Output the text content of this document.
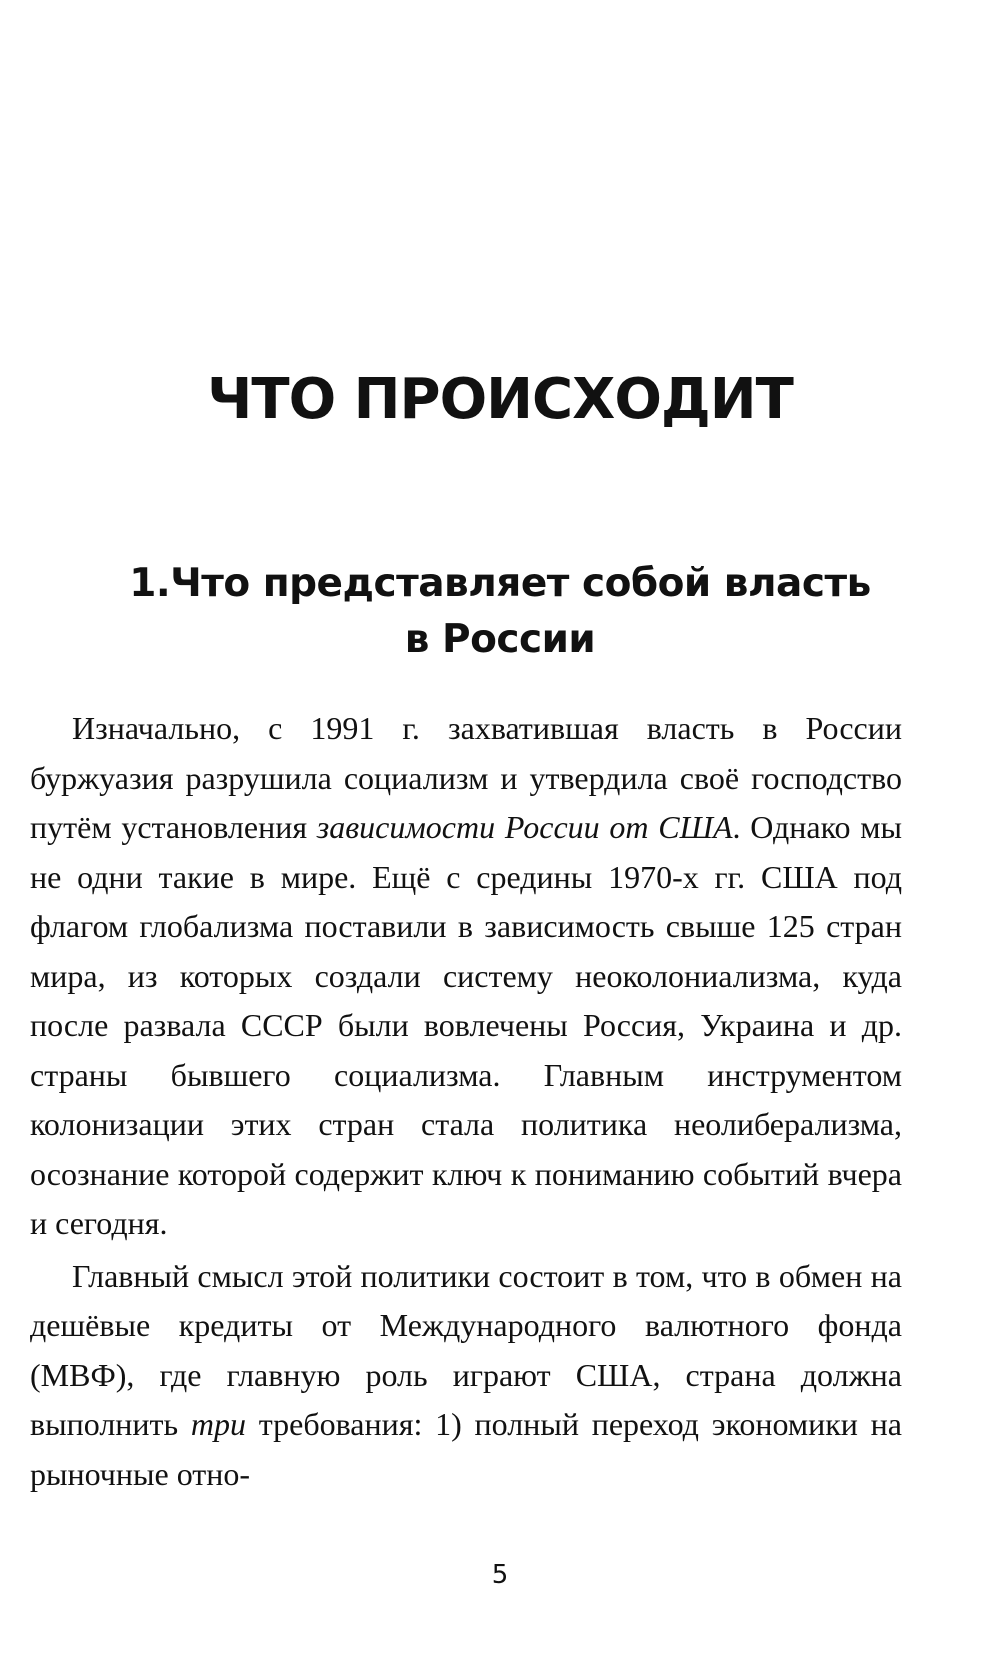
ЧТО ПРОИСХОДИТ
1.Что представляет собой власть
в России

Изначально, с 1991 г. захватившая власть в России буржуазия разрушила социализм и утвердила своё господство путём установления зависимости России от США. Однако мы не одни такие в мире. Ещё с средины 1970-х гг. США под флагом глобализма поставили в зависимость свыше 125 стран мира, из которых создали систему неоколониализма, куда после развала СССР были вовлечены Россия, Украина и др. страны бывшего социализма. Главным инструментом колонизации этих стран стала политика неолиберализма, осознание которой содержит ключ к пониманию событий вчера и сегодня.

Главный смысл этой политики состоит в том, что в обмен на дешёвые кредиты от Международного валютного фонда (МВФ), где главную роль играют США, страна должна выполнить три требования: 1) полный переход экономики на рыночные отно-

5
